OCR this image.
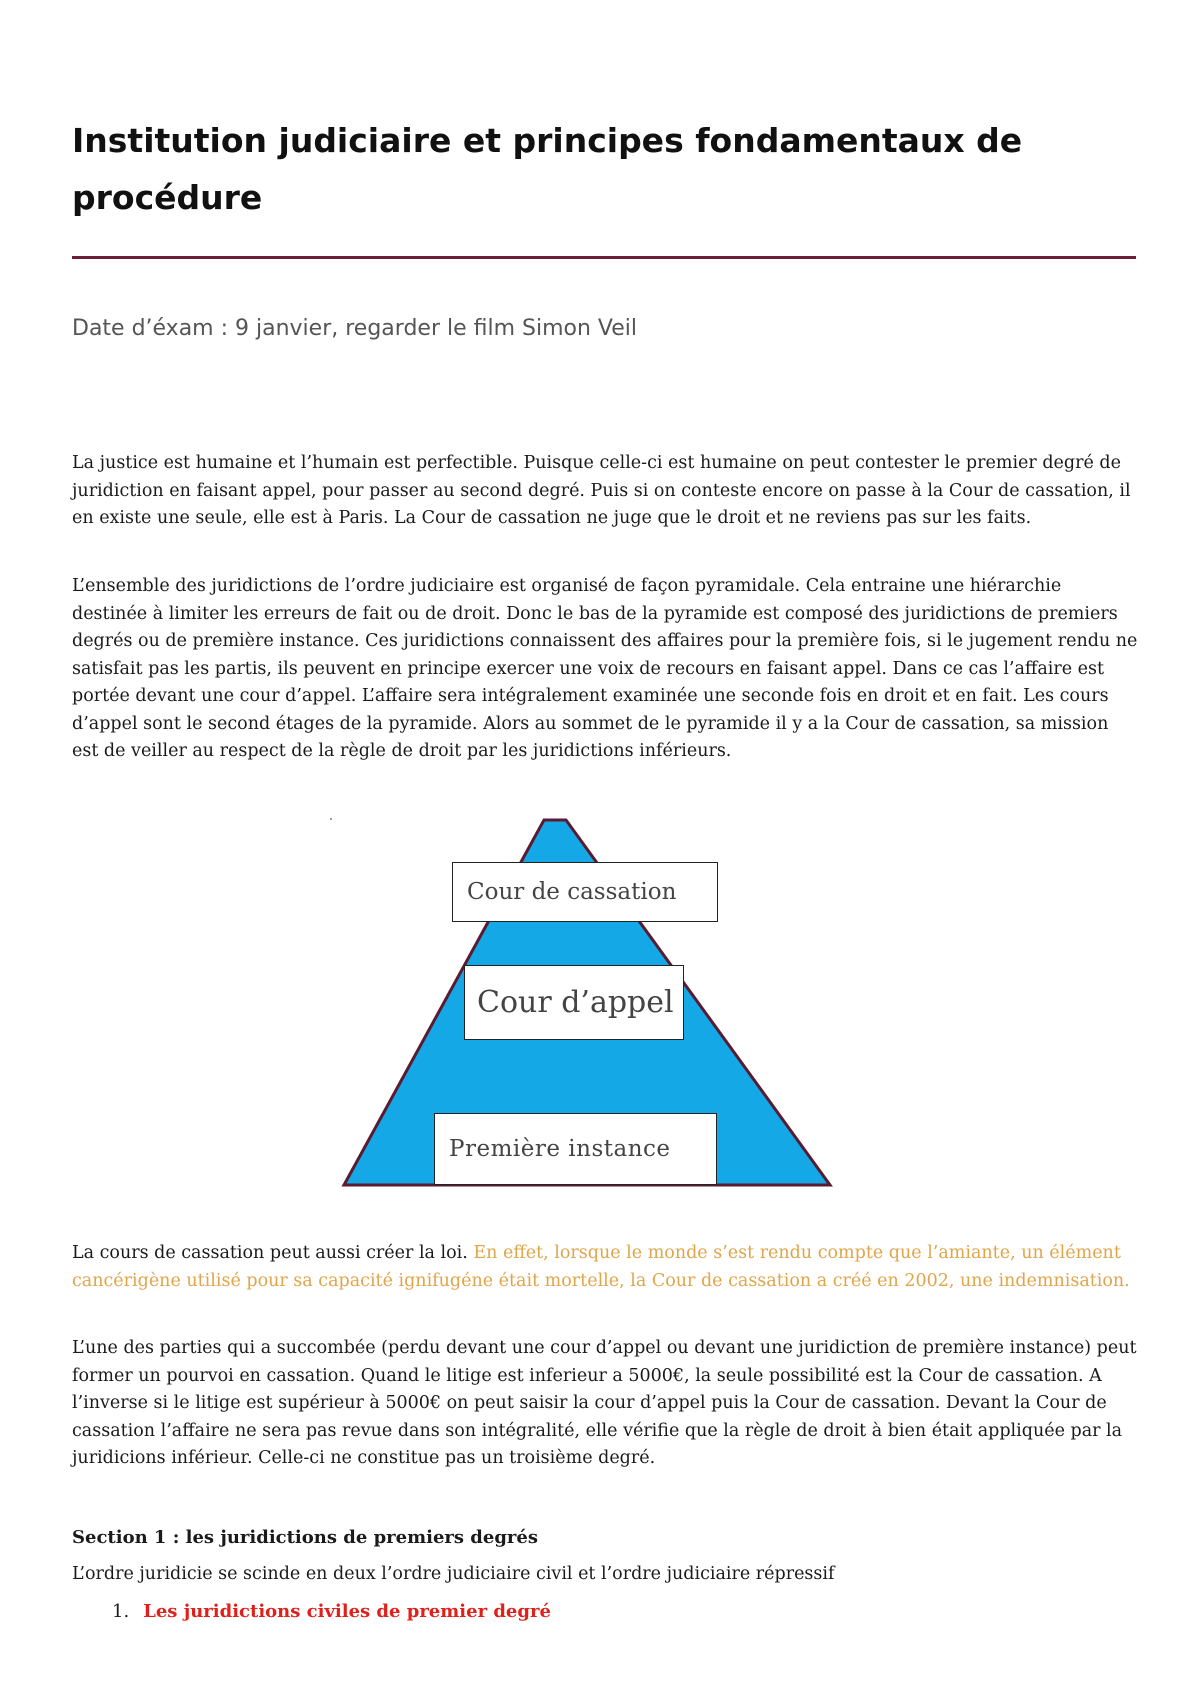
Institution judiciaire et principes fondamentaux de procédure

Date d’éxam : 9 janvier, regarder le film Simon Veil

La justice est humaine et l’humain est perfectible. Puisque celle-ci est humaine on peut contester le premier degré de juridiction en faisant appel, pour passer au second degré. Puis si on conteste encore on passe à la Cour de cassation, il en existe une seule, elle est à Paris. La Cour de cassation ne juge que le droit et ne reviens pas sur les faits.

L’ensemble des juridictions de l’ordre judiciaire est organisé de façon pyramidale. Cela entraine une hiérarchie destinée à limiter les erreurs de fait ou de droit. Donc le bas de la pyramide est composé des juridictions de premiers degrés ou de première instance. Ces juridictions connaissent des affaires pour la première fois, si le jugement rendu ne satisfait pas les partis, ils peuvent en principe exercer une voix de recours en faisant appel. Dans ce cas l’affaire est portée devant une cour d’appel. L’affaire sera intégralement examinée une seconde fois en droit et en fait. Les cours d’appel sont le second étages de la pyramide. Alors au sommet de le pyramide il y a la Cour de cassation, sa mission est de veiller au respect de la règle de droit par les juridictions inférieurs.

Cour de cassation
Cour d’appel
Première instance

La cours de cassation peut aussi créer la loi. En effet, lorsque le monde s’est rendu compte que l’amiante, un élément cancérigène utilisé pour sa capacité ignifugéne était mortelle, la Cour de cassation a créé en 2002, une indemnisation.

L’une des parties qui a succombée (perdu devant une cour d’appel ou devant une juridiction de première instance) peut former un pourvoi en cassation. Quand le litige est inferieur a 5000€, la seule possibilité est la Cour de cassation. A l’inverse si le litige est supérieur à 5000€ on peut saisir la cour d’appel puis la Cour de cassation. Devant la Cour de cassation l’affaire ne sera pas revue dans son intégralité, elle vérifie que la règle de droit à bien était appliquée par la juridicions inférieur. Celle-ci ne constitue pas un troisième degré.

Section 1 : les juridictions de premiers degrés

L’ordre juridicie se scinde en deux l’ordre judiciaire civil et l’ordre judiciaire répressif

1. Les juridictions civiles de premier degré
